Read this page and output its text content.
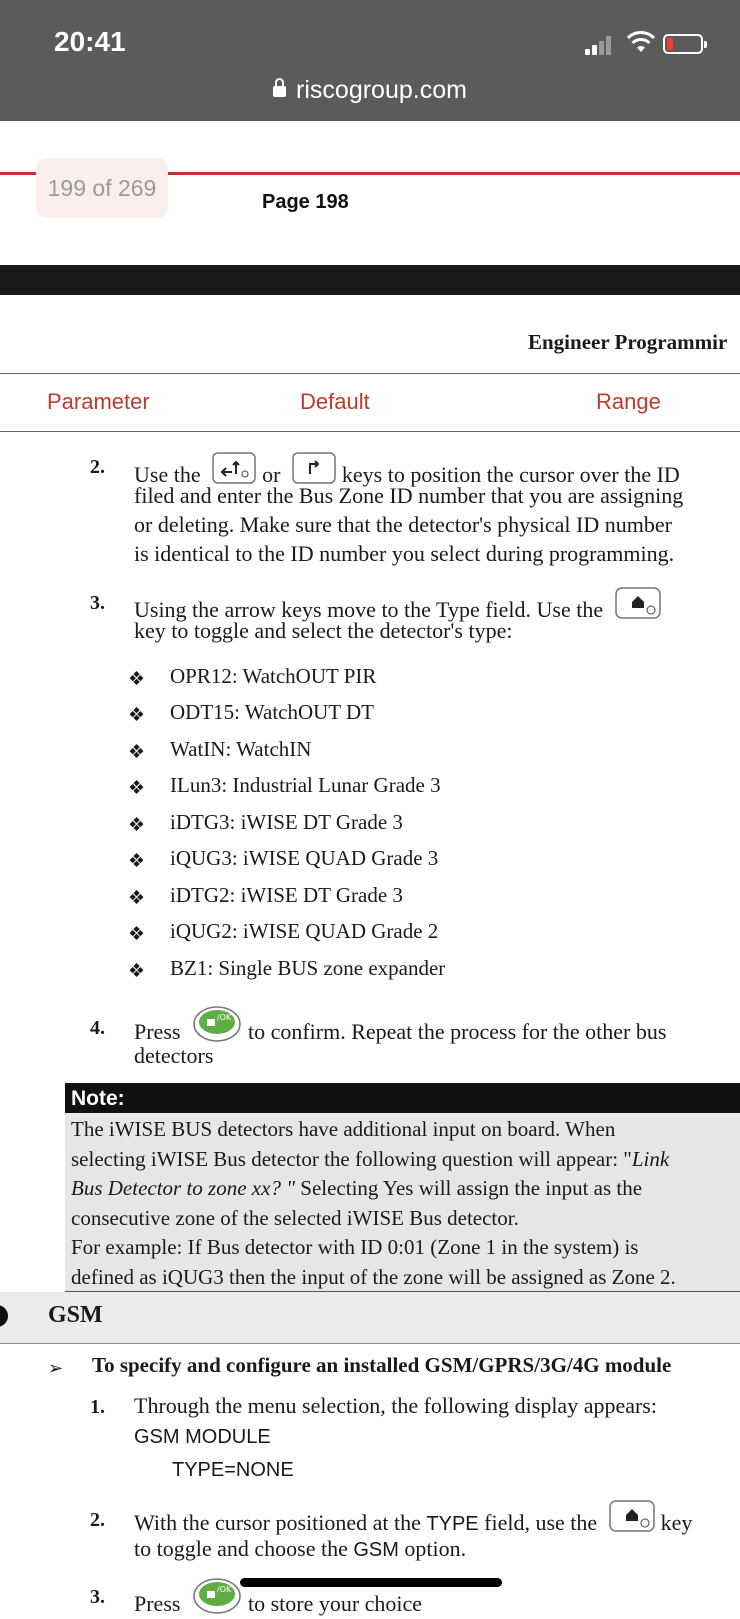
20:41
riscogroup.com
199 of 269
Page 198
Engineer Programmir
Parameter	Default	Range
2. Use the	or	keys to position the cursor over the ID
filed and enter the Bus Zone ID number that you are assigning
or deleting. Make sure that the detector's physical ID number
is identical to the ID number you select during programming.
3. Using the arrow keys move to the Type field. Use the
key to toggle and select the detector's type:
❖ OPR12: WatchOUT PIR
❖ ODT15: WatchOUT DT
❖ WatIN: WatchIN
❖ ILun3: Industrial Lunar Grade 3
❖ iDTG3: iWISE DT Grade 3
❖ iQUG3: iWISE QUAD Grade 3
❖ iDTG2: iWISE DT Grade 3
❖ iQUG2: iWISE QUAD Grade 2
❖ BZ1: Single BUS zone expander
4. Press
/OK
to confirm. Repeat the process for the other bus
detectors
Note:
The iWISE BUS detectors have additional input on board. When
selecting iWISE Bus detector the following question will appear: "Link
Bus Detector to zone xx? " Selecting Yes will assign the input as the
consecutive zone of the selected iWISE Bus detector.
For example: If Bus detector with ID 0:01 (Zone 1 in the system) is
defined as iQUG3 then the input of the zone will be assigned as Zone 2.
GSM
➢ To specify and configure an installed GSM/GPRS/3G/4G module
1. Through the menu selection, the following display appears:
GSM MODULE
TYPE=NONE
2. With the cursor positioned at the TYPE field, use the	key
to toggle and choose the GSM option.
3. Press
/OK
to store your choice
